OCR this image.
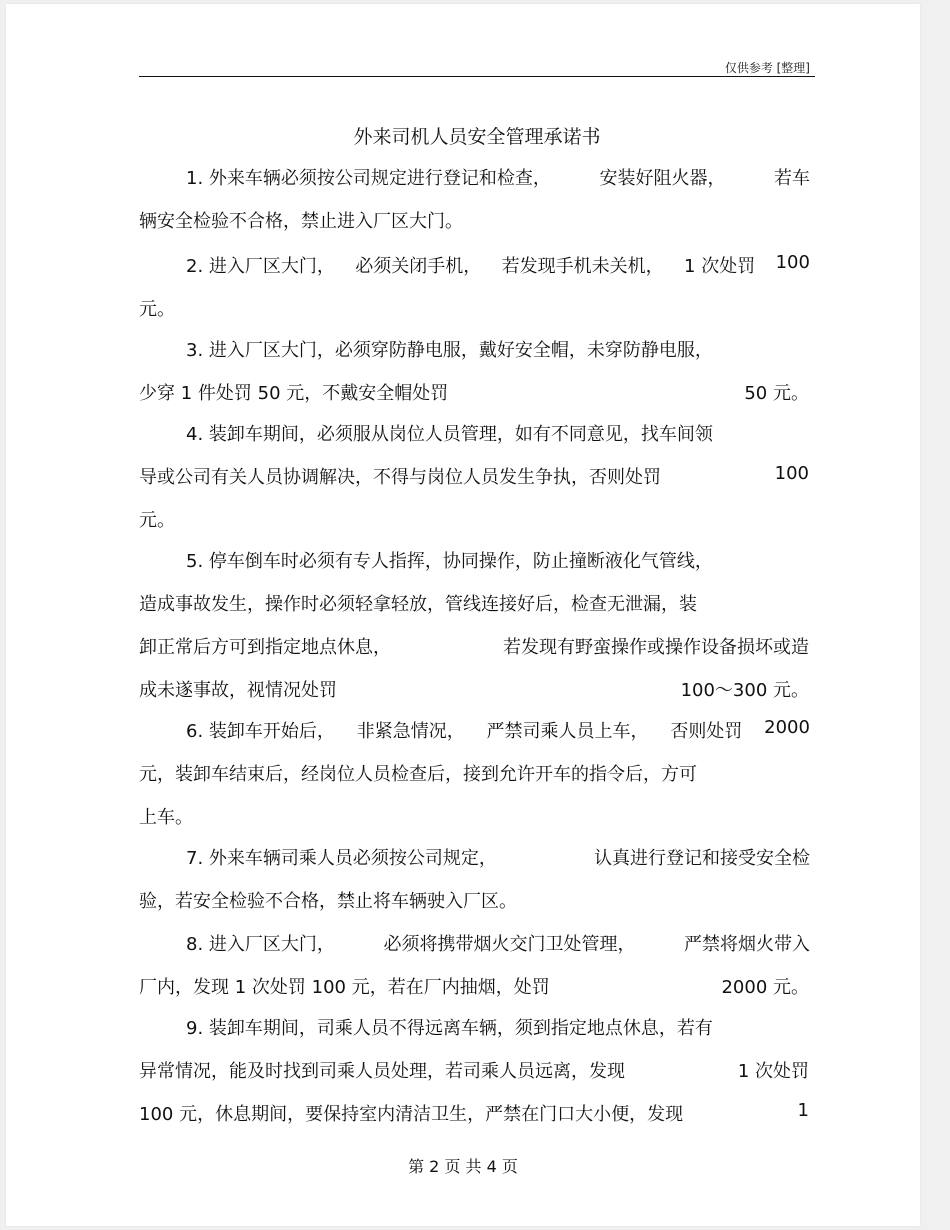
仅供参考 [整理]
外来司机人员安全管理承诺书
1. 外来车辆必须按公司规定进行登记和检查，	安装好阻火器，	若车
辆安全检验不合格，禁止进入厂区大门。
2. 进入厂区大门， 必须关闭手机， 若发现手机未关机， 1 次处罚 100
元。
3. 进入厂区大门，必须穿防静电服，戴好安全帽，未穿防静电服，
少穿 1 件处罚 50 元，不戴安全帽处罚	50 元。
4. 装卸车期间，必须服从岗位人员管理，如有不同意见，找车间领
导或公司有关人员协调解决，不得与岗位人员发生争执，否则处罚	100
元。
5. 停车倒车时必须有专人指挥，协同操作，防止撞断液化气管线，
造成事故发生，操作时必须轻拿轻放，管线连接好后，检查无泄漏，装
卸正常后方可到指定地点休息，	若发现有野蛮操作或操作设备损坏或造
成未遂事故，视情况处罚	100～300 元。
6. 装卸车开始后， 非紧急情况， 严禁司乘人员上车， 否则处罚 2000
元，装卸车结束后，经岗位人员检查后，接到允许开车的指令后，方可
上车。
7. 外来车辆司乘人员必须按公司规定，	认真进行登记和接受安全检
验，若安全检验不合格，禁止将车辆驶入厂区。
8. 进入厂区大门，	必须将携带烟火交门卫处管理，	严禁将烟火带入
厂内，发现 1 次处罚 100 元，若在厂内抽烟，处罚	2000 元。
9. 装卸车期间，司乘人员不得远离车辆，须到指定地点休息，若有
异常情况，能及时找到司乘人员处理，若司乘人员远离，发现	1 次处罚
100 元，休息期间，要保持室内清洁卫生，严禁在门口大小便，发现	1
第 2 页 共 4 页
